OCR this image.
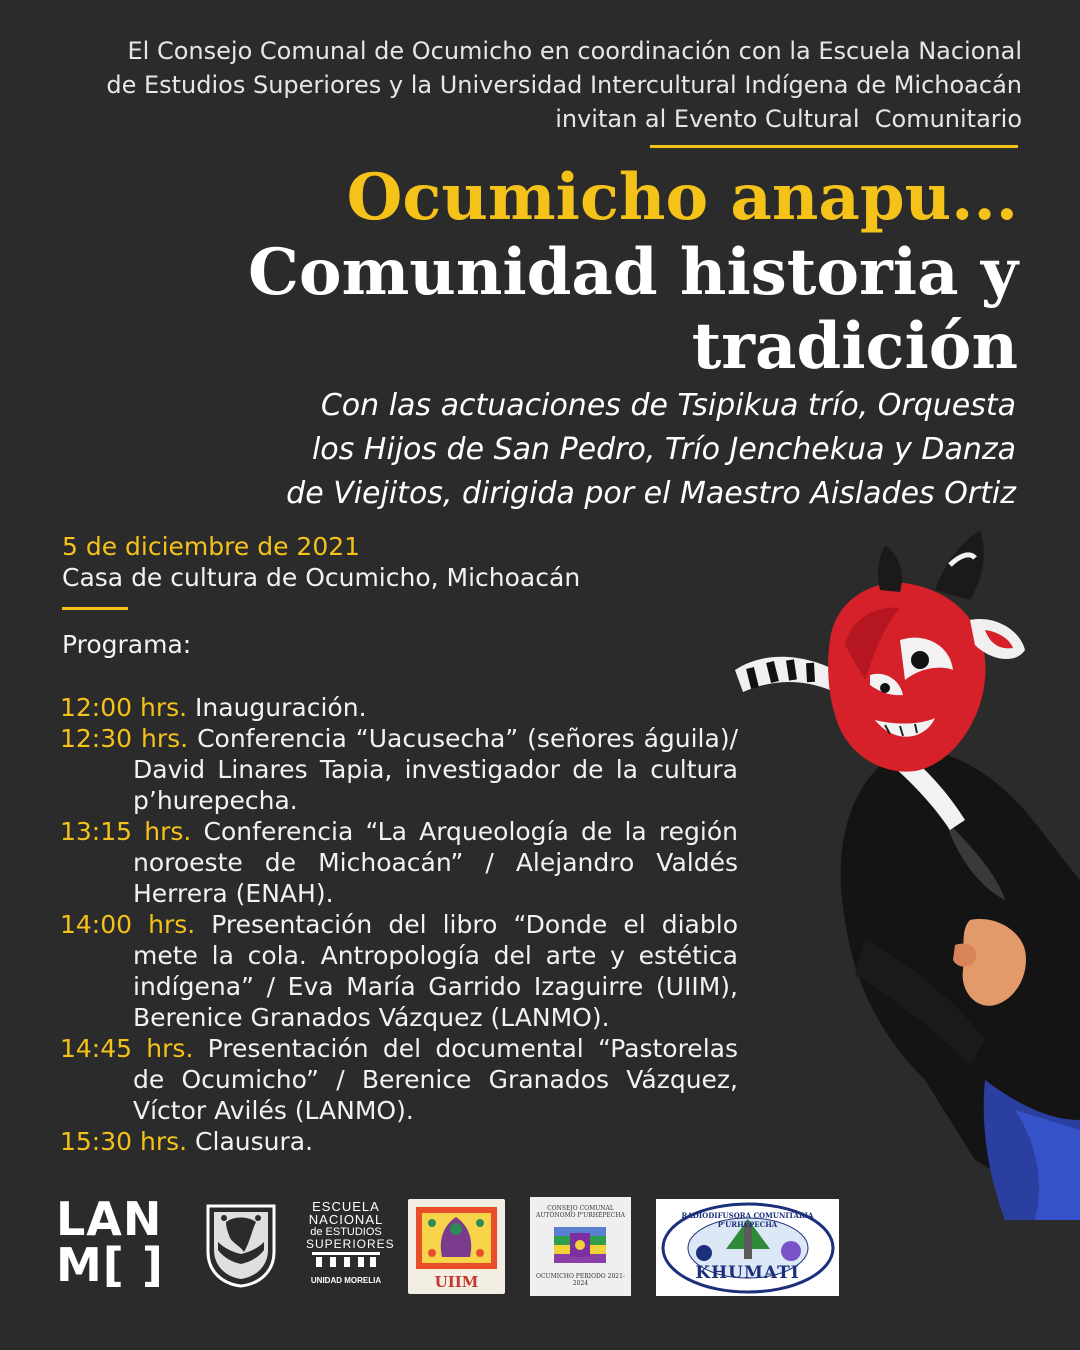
El Consejo Comunal de Ocumicho en coordinación con la Escuela Nacional
de Estudios Superiores y la Universidad Intercultural Indígena de Michoacán
invitan al Evento Cultural  Comunitario
Ocumicho anapu...
Comunidad historia y
tradición
Con las actuaciones de Tsipikua trío, Orquesta
los Hijos de San Pedro, Trío Jenchekua y Danza
de Viejitos, dirigida por el Maestro Aislades Ortiz
5 de diciembre de 2021
Casa de cultura de Ocumicho, Michoacán
Programa:
12:00 hrs. Inauguración.
12:30 hrs. Conferencia “Uacusecha” (señores águila)/ David Linares Tapia, investigador de la cultura p’hurepecha.
13:15 hrs. Conferencia “La Arqueología de la región noroeste de Michoacán” / Alejandro Valdés Herrera (ENAH).
14:00 hrs. Presentación del libro “Donde el diablo mete la cola. Antropología del arte y estética indígena” / Eva María Garrido Izaguirre (UIIM), Berenice Granados Vázquez (LANMO).
14:45 hrs. Presentación del documental “Pastorelas de Ocumicho” / Berenice Granados Vázquez, Víctor Avilés (LANMO).
15:30 hrs. Clausura.
LAN
M[ ]
ESCUELA
NACIONAL
de ESTUDIOS
SUPERIORES
UNIDAD MORELIA	UIIM
CONSEJO COMUNAL AUTÓNOMO P'URHÉPECHA
OCUMICHO PERIODO 2021-2024
RADIODIFUSORA COMUNITARIA P'URHÉPECHA
KHUMATI
